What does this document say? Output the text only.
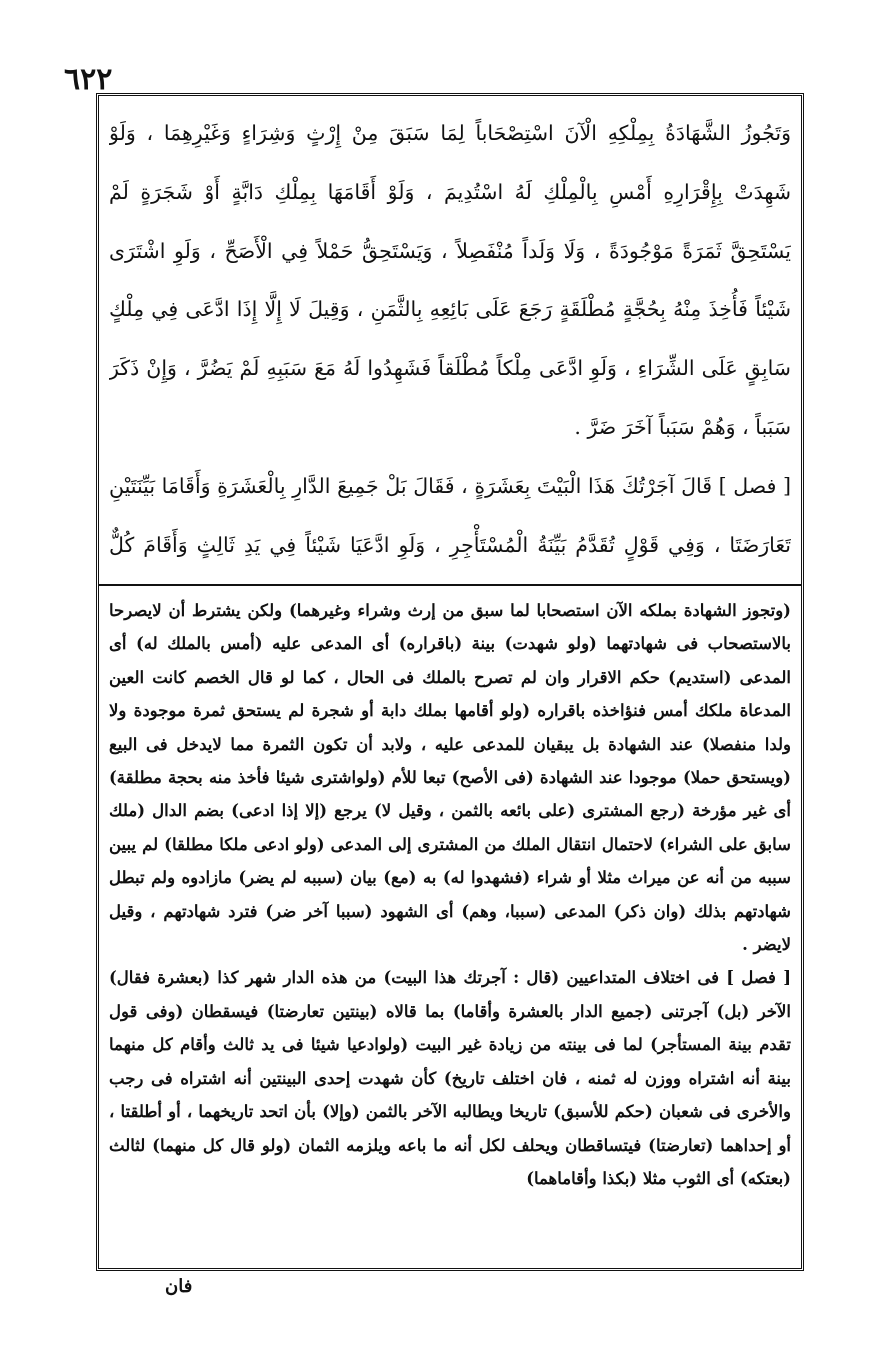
٦٢٢

وَتَجُوزُ الشَّهَادَةُ بِمِلْكِهِ الْآنَ اسْتِصْحَاباً لِمَا سَبَقَ مِنْ إِرْثٍ وَشِرَاءٍ وَغَيْرِهِمَا ، وَلَوْ شَهِدَتْ بِإِقْرَارِهِ أَمْسِ بِالْمِلْكِ لَهُ اسْتُدِيمَ ، وَلَوْ أَقَامَهَا بِمِلْكِ دَابَّةٍ أَوْ شَجَرَةٍ لَمْ يَسْتَحِقَّ ثَمَرَةً مَوْجُودَةً ، وَلَا وَلَداً مُنْفَصِلاً ، وَيَسْتَحِقُّ حَمْلاً فِي الْأَصَحِّ ، وَلَوِ اشْتَرَى شَيْئاً فَأُخِذَ مِنْهُ بِحُجَّةٍ مُطْلَقَةٍ رَجَعَ عَلَى بَائِعِهِ بِالثَّمَنِ ، وَقِيلَ لَا إِلَّا إِذَا ادَّعَى فِي مِلْكٍ سَابِقٍ عَلَى الشِّرَاءِ ، وَلَوِ ادَّعَى مِلْكاً مُطْلَقاً فَشَهِدُوا لَهُ مَعَ سَبَبِهِ لَمْ يَضُرَّ ، وَإِنْ ذَكَرَ سَبَباً ، وَهُمْ سَبَباً آخَرَ ضَرَّ .

[ فصل ] قَالَ آجَرْتُكَ هَذَا الْبَيْتَ بِعَشَرَةٍ ، فَقَالَ بَلْ جَمِيعَ الدَّارِ بِالْعَشَرَةِ وَأَقَامَا بَيِّنَتَيْنِ تَعَارَضَتَا ، وَفِي قَوْلٍ تُقَدَّمُ بَيِّنَةُ الْمُسْتَأْجِرِ ، وَلَوِ ادَّعَيَا شَيْئاً فِي يَدِ ثَالِثٍ وَأَقَامَ كُلٌّ

(وتجوز الشهادة بملكه الآن استصحابا لما سبق من إرث وشراء وغيرهما) ولكن يشترط أن لايصرحا بالاستصحاب فى شهادتهما (ولو شهدت) بينة (باقراره) أى المدعى عليه (أمس بالملك له) أى المدعى (استديم) حكم الاقرار وان لم تصرح بالملك فى الحال ، كما لو قال الخصم كانت العين المدعاة ملكك أمس فنؤاخذه باقراره (ولو أقامها بملك دابة أو شجرة لم يستحق ثمرة موجودة ولا ولدا منفصلا) عند الشهادة بل يبقيان للمدعى عليه ، ولابد أن تكون الثمرة مما لايدخل فى البيع (ويستحق حملا) موجودا عند الشهادة (فى الأصح) تبعا للأم (ولواشترى شيئا فأخذ منه بحجة مطلقة) أى غير مؤرخة (رجع المشترى (على بائعه بالثمن ، وقيل لا) يرجع (إلا إذا ادعى) بضم الدال (ملك سابق على الشراء) لاحتمال انتقال الملك من المشترى إلى المدعى (ولو ادعى ملكا مطلقا) لم يبين سببه من أنه عن ميراث مثلا أو شراء (فشهدوا له) به (مع) بيان (سببه لم يضر) مازادوه ولم تبطل شهادتهم بذلك (وان ذكر) المدعى (سببا، وهم) أى الشهود (سببا آخر ضر) فترد شهادتهم ، وقيل لايضر .

[ فصل ] فى اختلاف المتداعيين (قال : آجرتك هذا البيت) من هذه الدار شهر كذا (بعشرة فقال) الآخر (بل) آجرتنى (جميع الدار بالعشرة وأقاما) بما قالاه (بينتين تعارضتا) فيسقطان (وفى قول تقدم بينة المستأجر) لما فى بينته من زيادة غير البيت (ولوادعيا شيئا فى يد ثالث وأقام كل منهما بينة أنه اشتراه ووزن له ثمنه ، فان اختلف تاريخ) كأن شهدت إحدى البينتين أنه اشتراه فى رجب والأخرى فى شعبان (حكم للأسبق) تاريخا ويطالبه الآخر بالثمن (وإلا) بأن اتحد تاريخهما ، أو أطلقتا ، أو إحداهما (تعارضتا) فيتساقطان ويحلف لكل أنه ما باعه ويلزمه الثمان (ولو قال كل منهما) لثالث (بعتكه) أى الثوب مثلا (بكذا وأقاماهما)

فان
